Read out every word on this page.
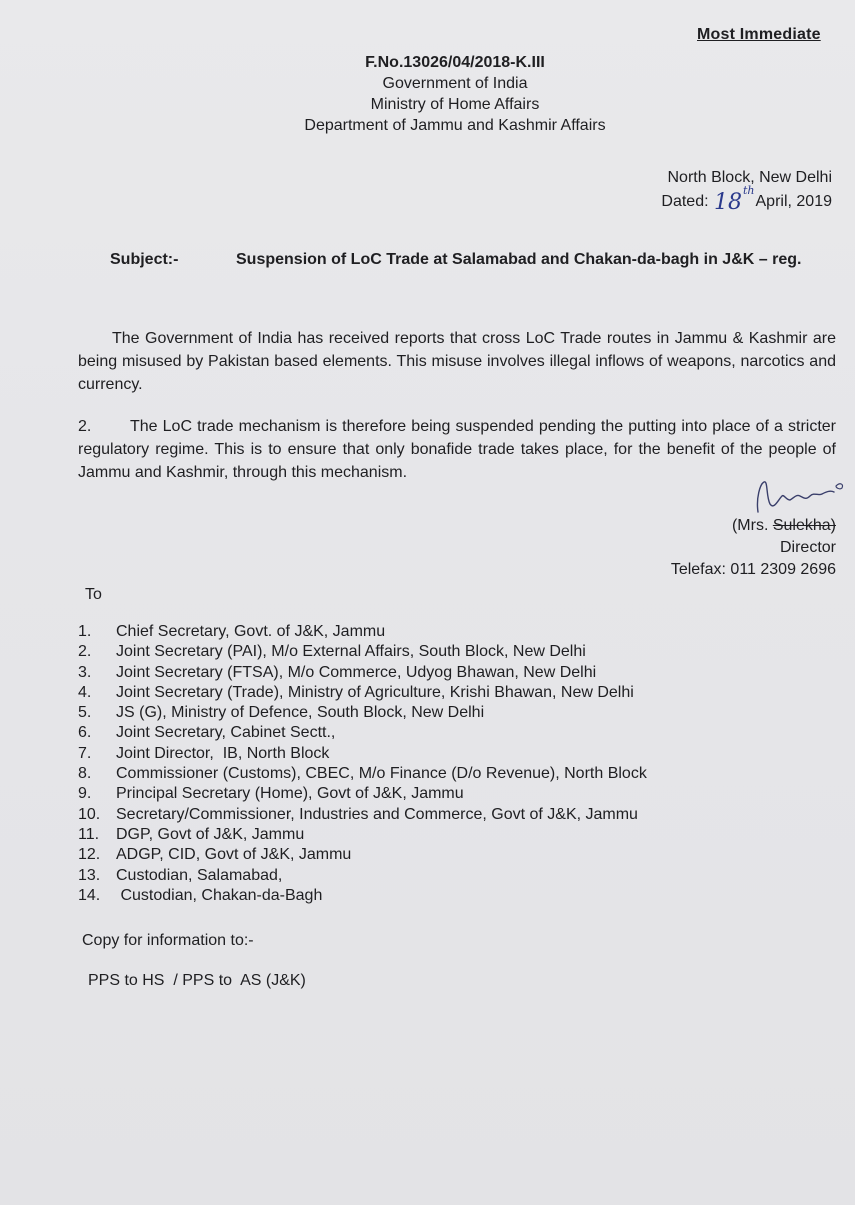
Most Immediate
F.No.13026/04/2018-K.III
Government of India
Ministry of Home Affairs
Department of Jammu and Kashmir Affairs
North Block, New Delhi
Dated: 18thApril, 2019
Subject:-	Suspension of LoC Trade at Salamabad and Chakan-da-bagh in J&K – reg.
The Government of India has received reports that cross LoC Trade routes in Jammu & Kashmir are being misused by Pakistan based elements. This misuse involves illegal inflows of weapons, narcotics and currency.
2. The LoC trade mechanism is therefore being suspended pending the putting into place of a stricter regulatory regime. This is to ensure that only bonafide trade takes place, for the benefit of the people of Jammu and Kashmir, through this mechanism.
(Mrs. Sulekha)
Director
Telefax: 011 2309 2696
To
1. Chief Secretary, Govt. of J&K, Jammu
2. Joint Secretary (PAI), M/o External Affairs, South Block, New Delhi
3. Joint Secretary (FTSA), M/o Commerce, Udyog Bhawan, New Delhi
4. Joint Secretary (Trade), Ministry of Agriculture, Krishi Bhawan, New Delhi
5. JS (G), Ministry of Defence, South Block, New Delhi
6. Joint Secretary, Cabinet Sectt.,
7. Joint Director,  IB, North Block
8. Commissioner (Customs), CBEC, M/o Finance (D/o Revenue), North Block
9. Principal Secretary (Home), Govt of J&K, Jammu
10. Secretary/Commissioner, Industries and Commerce, Govt of J&K, Jammu
11. DGP, Govt of J&K, Jammu
12. ADGP, CID, Govt of J&K, Jammu
13. Custodian, Salamabad,
14. Custodian, Chakan-da-Bagh
Copy for information to:-
PPS to HS  / PPS to  AS (J&K)
